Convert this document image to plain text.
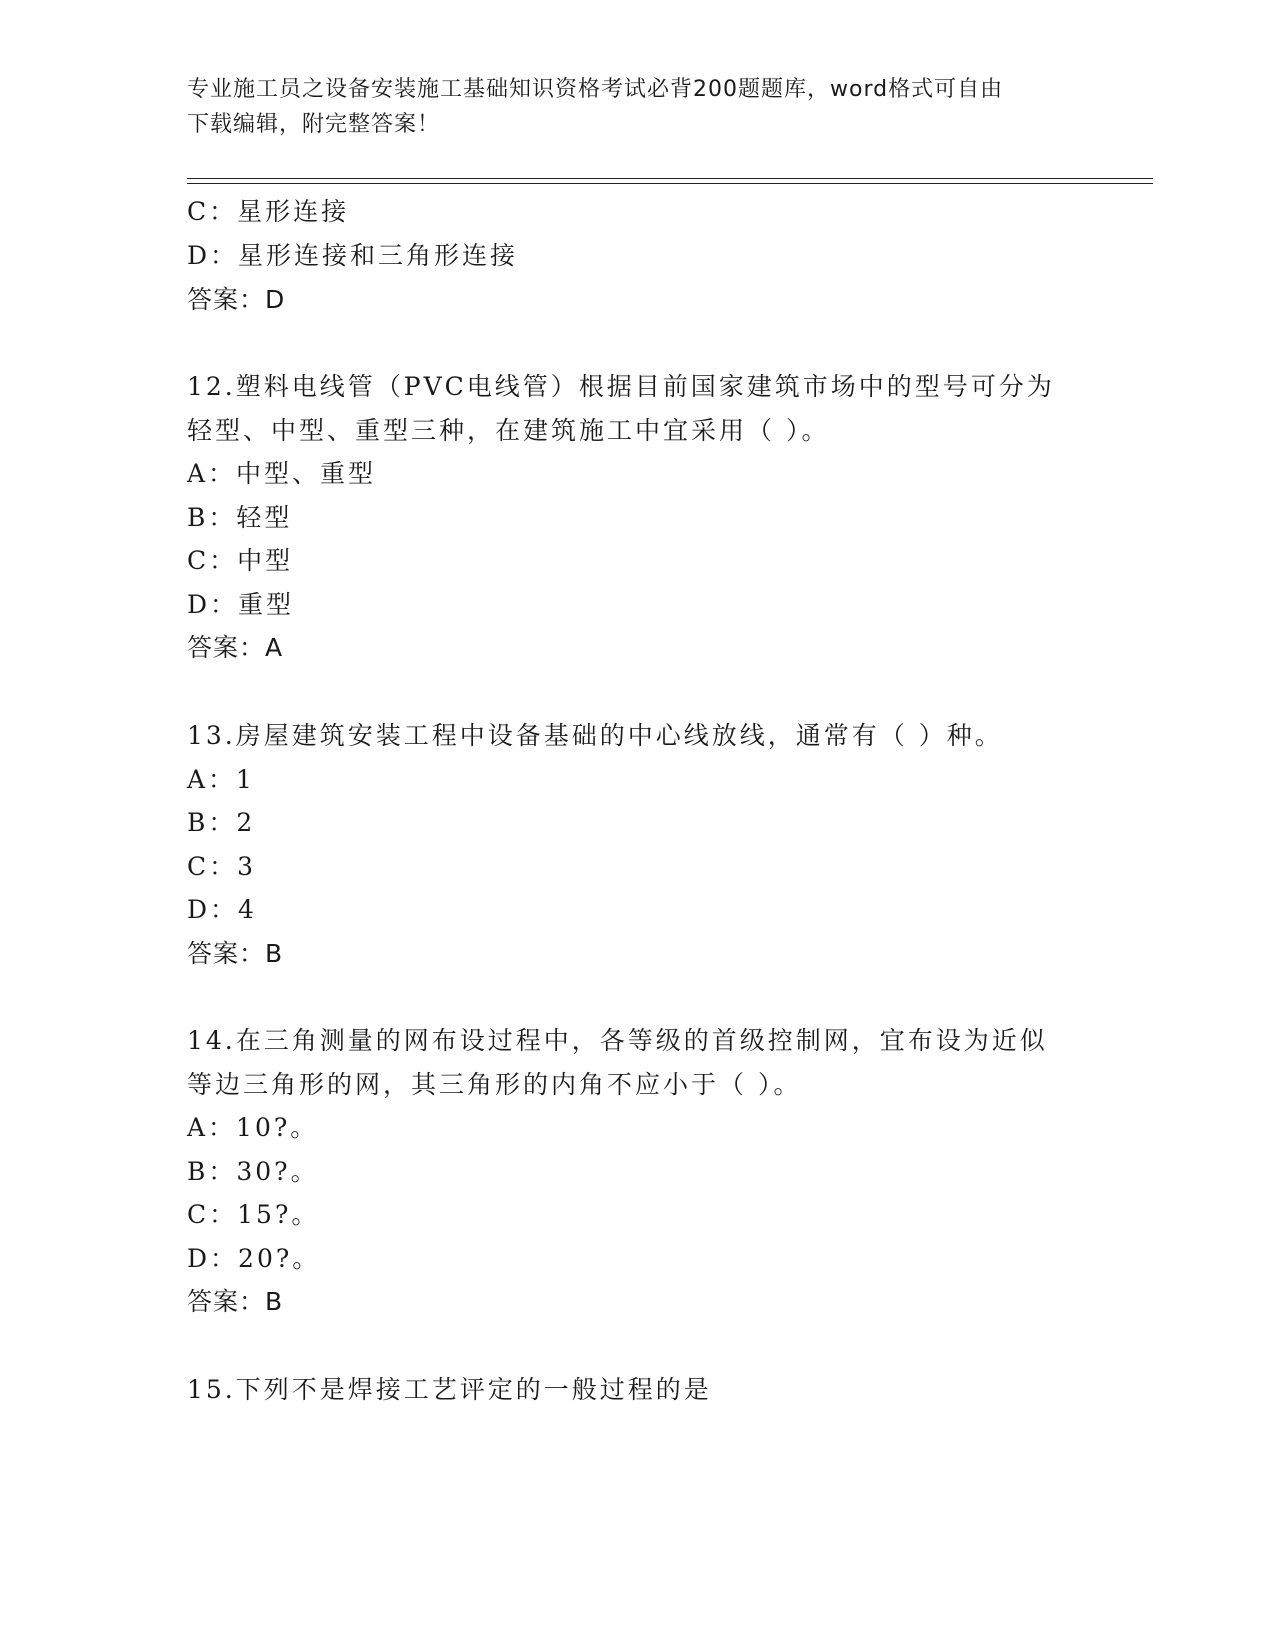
专业施工员之设备安装施工基础知识资格考试必背200题题库，word格式可自由
下载编辑，附完整答案！
C：星形连接
D：星形连接和三角形连接
答案：D
12.塑料电线管（PVC电线管）根据目前国家建筑市场中的型号可分为
轻型、中型、重型三种，在建筑施工中宜采用（ ）。
A：中型、重型
B：轻型
C：中型
D：重型
答案：A
13.房屋建筑安装工程中设备基础的中心线放线，通常有（ ）种。
A：1
B：2
C：3
D：4
答案：B
14.在三角测量的网布设过程中，各等级的首级控制网，宜布设为近似
等边三角形的网，其三角形的内角不应小于（ ）。
A：10?。
B：30?。
C：15?。
D：20?。
答案：B
15.下列不是焊接工艺评定的一般过程的是
